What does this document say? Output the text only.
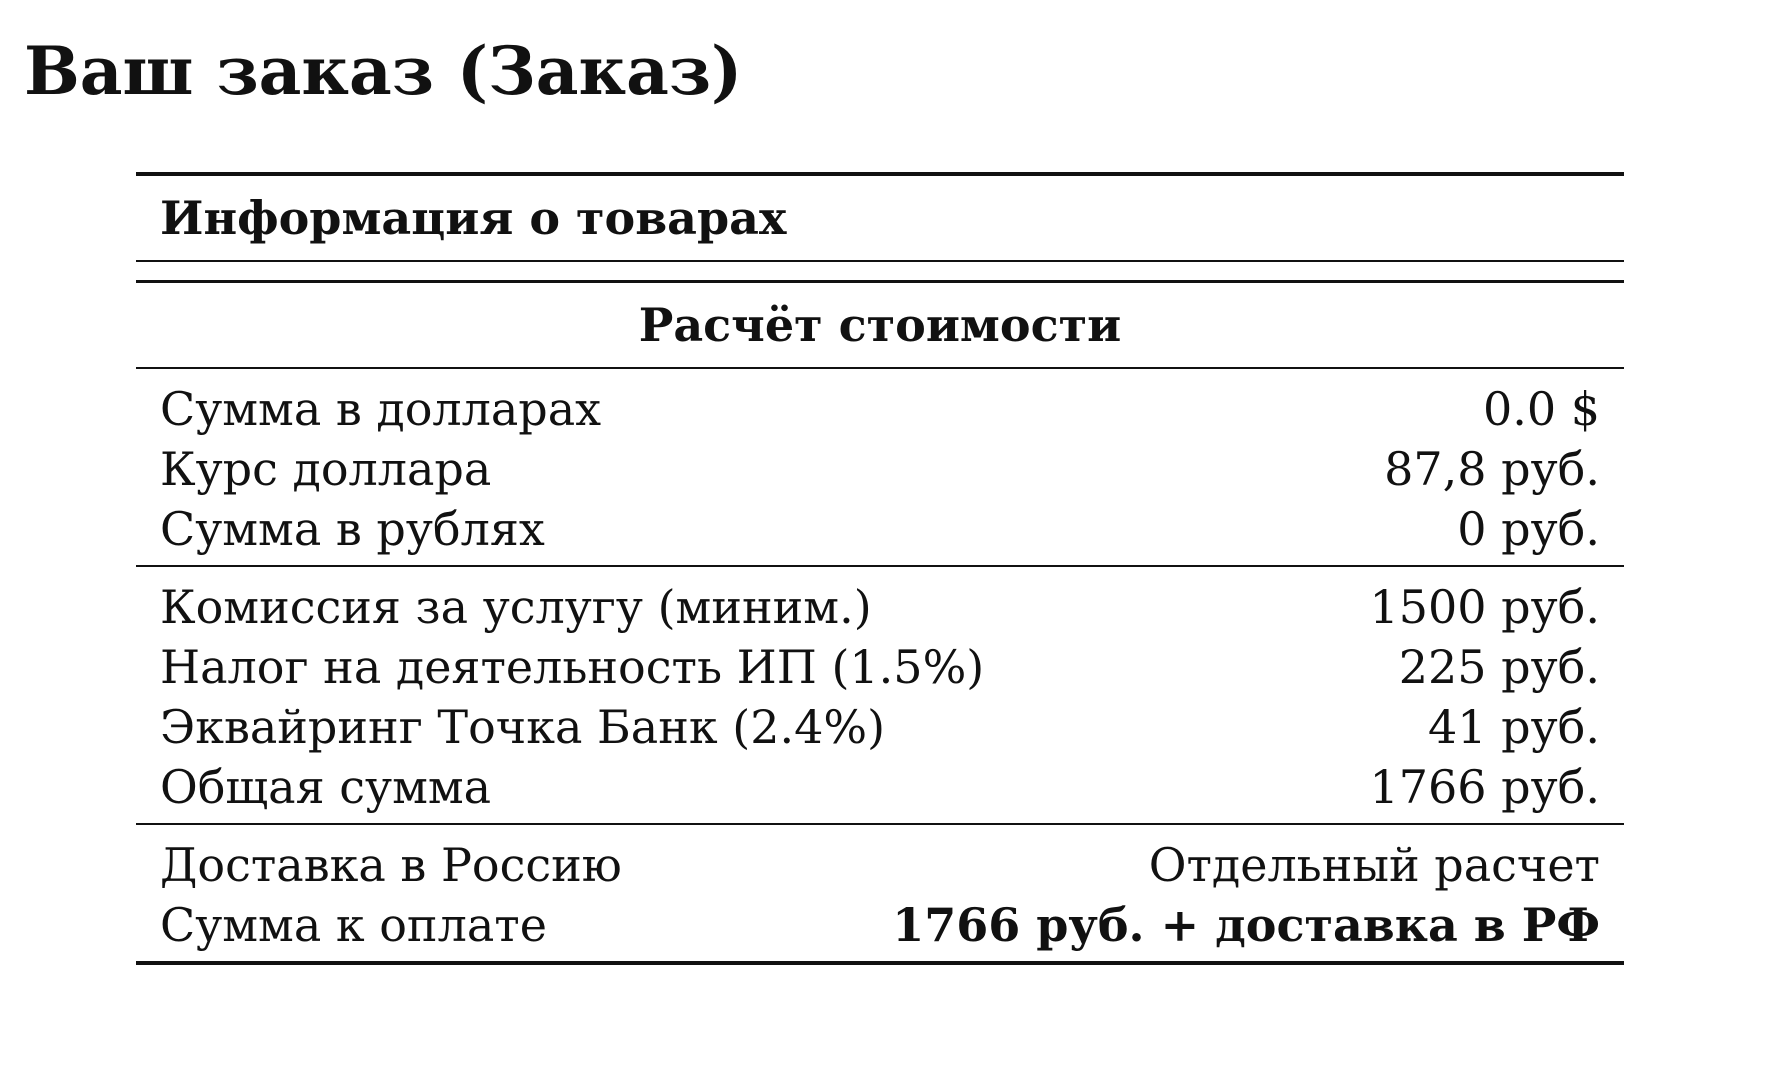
Ваш заказ (Заказ)
Информация о товарах
Расчёт стоимости
Сумма в долларах	0.0 $
Курс доллара	87,8 руб.
Сумма в рублях	0 руб.
Комиссия за услугу (миним.)	1500 руб.
Налог на деятельность ИП (1.5%)	225 руб.
Эквайринг Точка Банк (2.4%)	41 руб.
Общая сумма	1766 руб.
Доставка в Россию	Отдельный расчет
Сумма к оплате	1766 руб. + доставка в РФ
